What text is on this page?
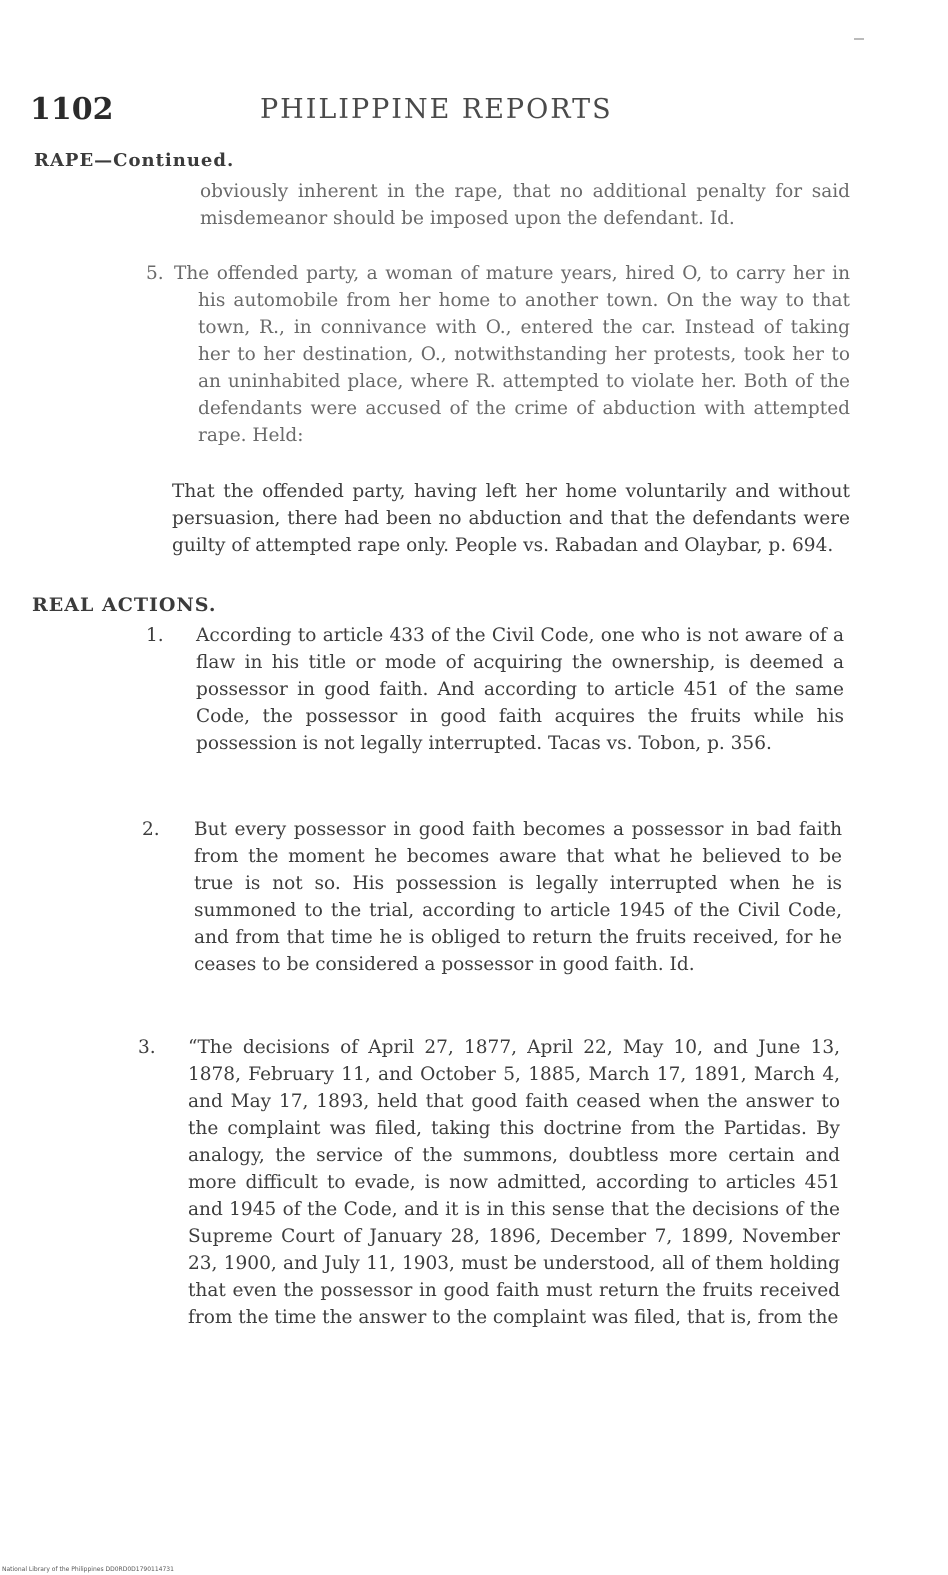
1102	PHILIPPINE REPORTS
RAPE—Continued.
obviously inherent in the rape, that no additional penalty for said misdemeanor should be imposed upon the defendant. Id.
5. The offended party, a woman of mature years, hired O, to carry her in his automobile from her home to another town. On the way to that town, R., in connivance with O., entered the car. Instead of taking her to her destination, O., notwithstanding her protests, took her to an uninhabited place, where R. attempted to violate her. Both of the defendants were accused of the crime of abduction with attempted rape. Held:
That the offended party, having left her home voluntarily and without persuasion, there had been no abduction and that the defendants were guilty of attempted rape only. People vs. Rabadan and Olaybar, p. 694.
REAL ACTIONS.
1. According to article 433 of the Civil Code, one who is not aware of a flaw in his title or mode of acquiring the ownership, is deemed a possessor in good faith. And according to article 451 of the same Code, the possessor in good faith acquires the fruits while his possession is not legally interrupted. Tacas vs. Tobon, p. 356.
2. But every possessor in good faith becomes a possessor in bad faith from the moment he becomes aware that what he believed to be true is not so. His possession is legally interrupted when he is summoned to the trial, according to article 1945 of the Civil Code, and from that time he is obliged to return the fruits received, for he ceases to be considered a possessor in good faith. Id.
3. “The decisions of April 27, 1877, April 22, May 10, and June 13, 1878, February 11, and October 5, 1885, March 17, 1891, March 4, and May 17, 1893, held that good faith ceased when the answer to the complaint was filed, taking this doctrine from the Partidas. By analogy, the service of the summons, doubtless more certain and more difficult to evade, is now admitted, according to articles 451 and 1945 of the Code, and it is in this sense that the decisions of the Supreme Court of January 28, 1896, December 7, 1899, November 23, 1900, and July 11, 1903, must be understood, all of them holding that even the possessor in good faith must return the fruits received from the time the answer to the complaint was filed, that is, from the
National Library of the Philippines DD0RD0D1790114731
